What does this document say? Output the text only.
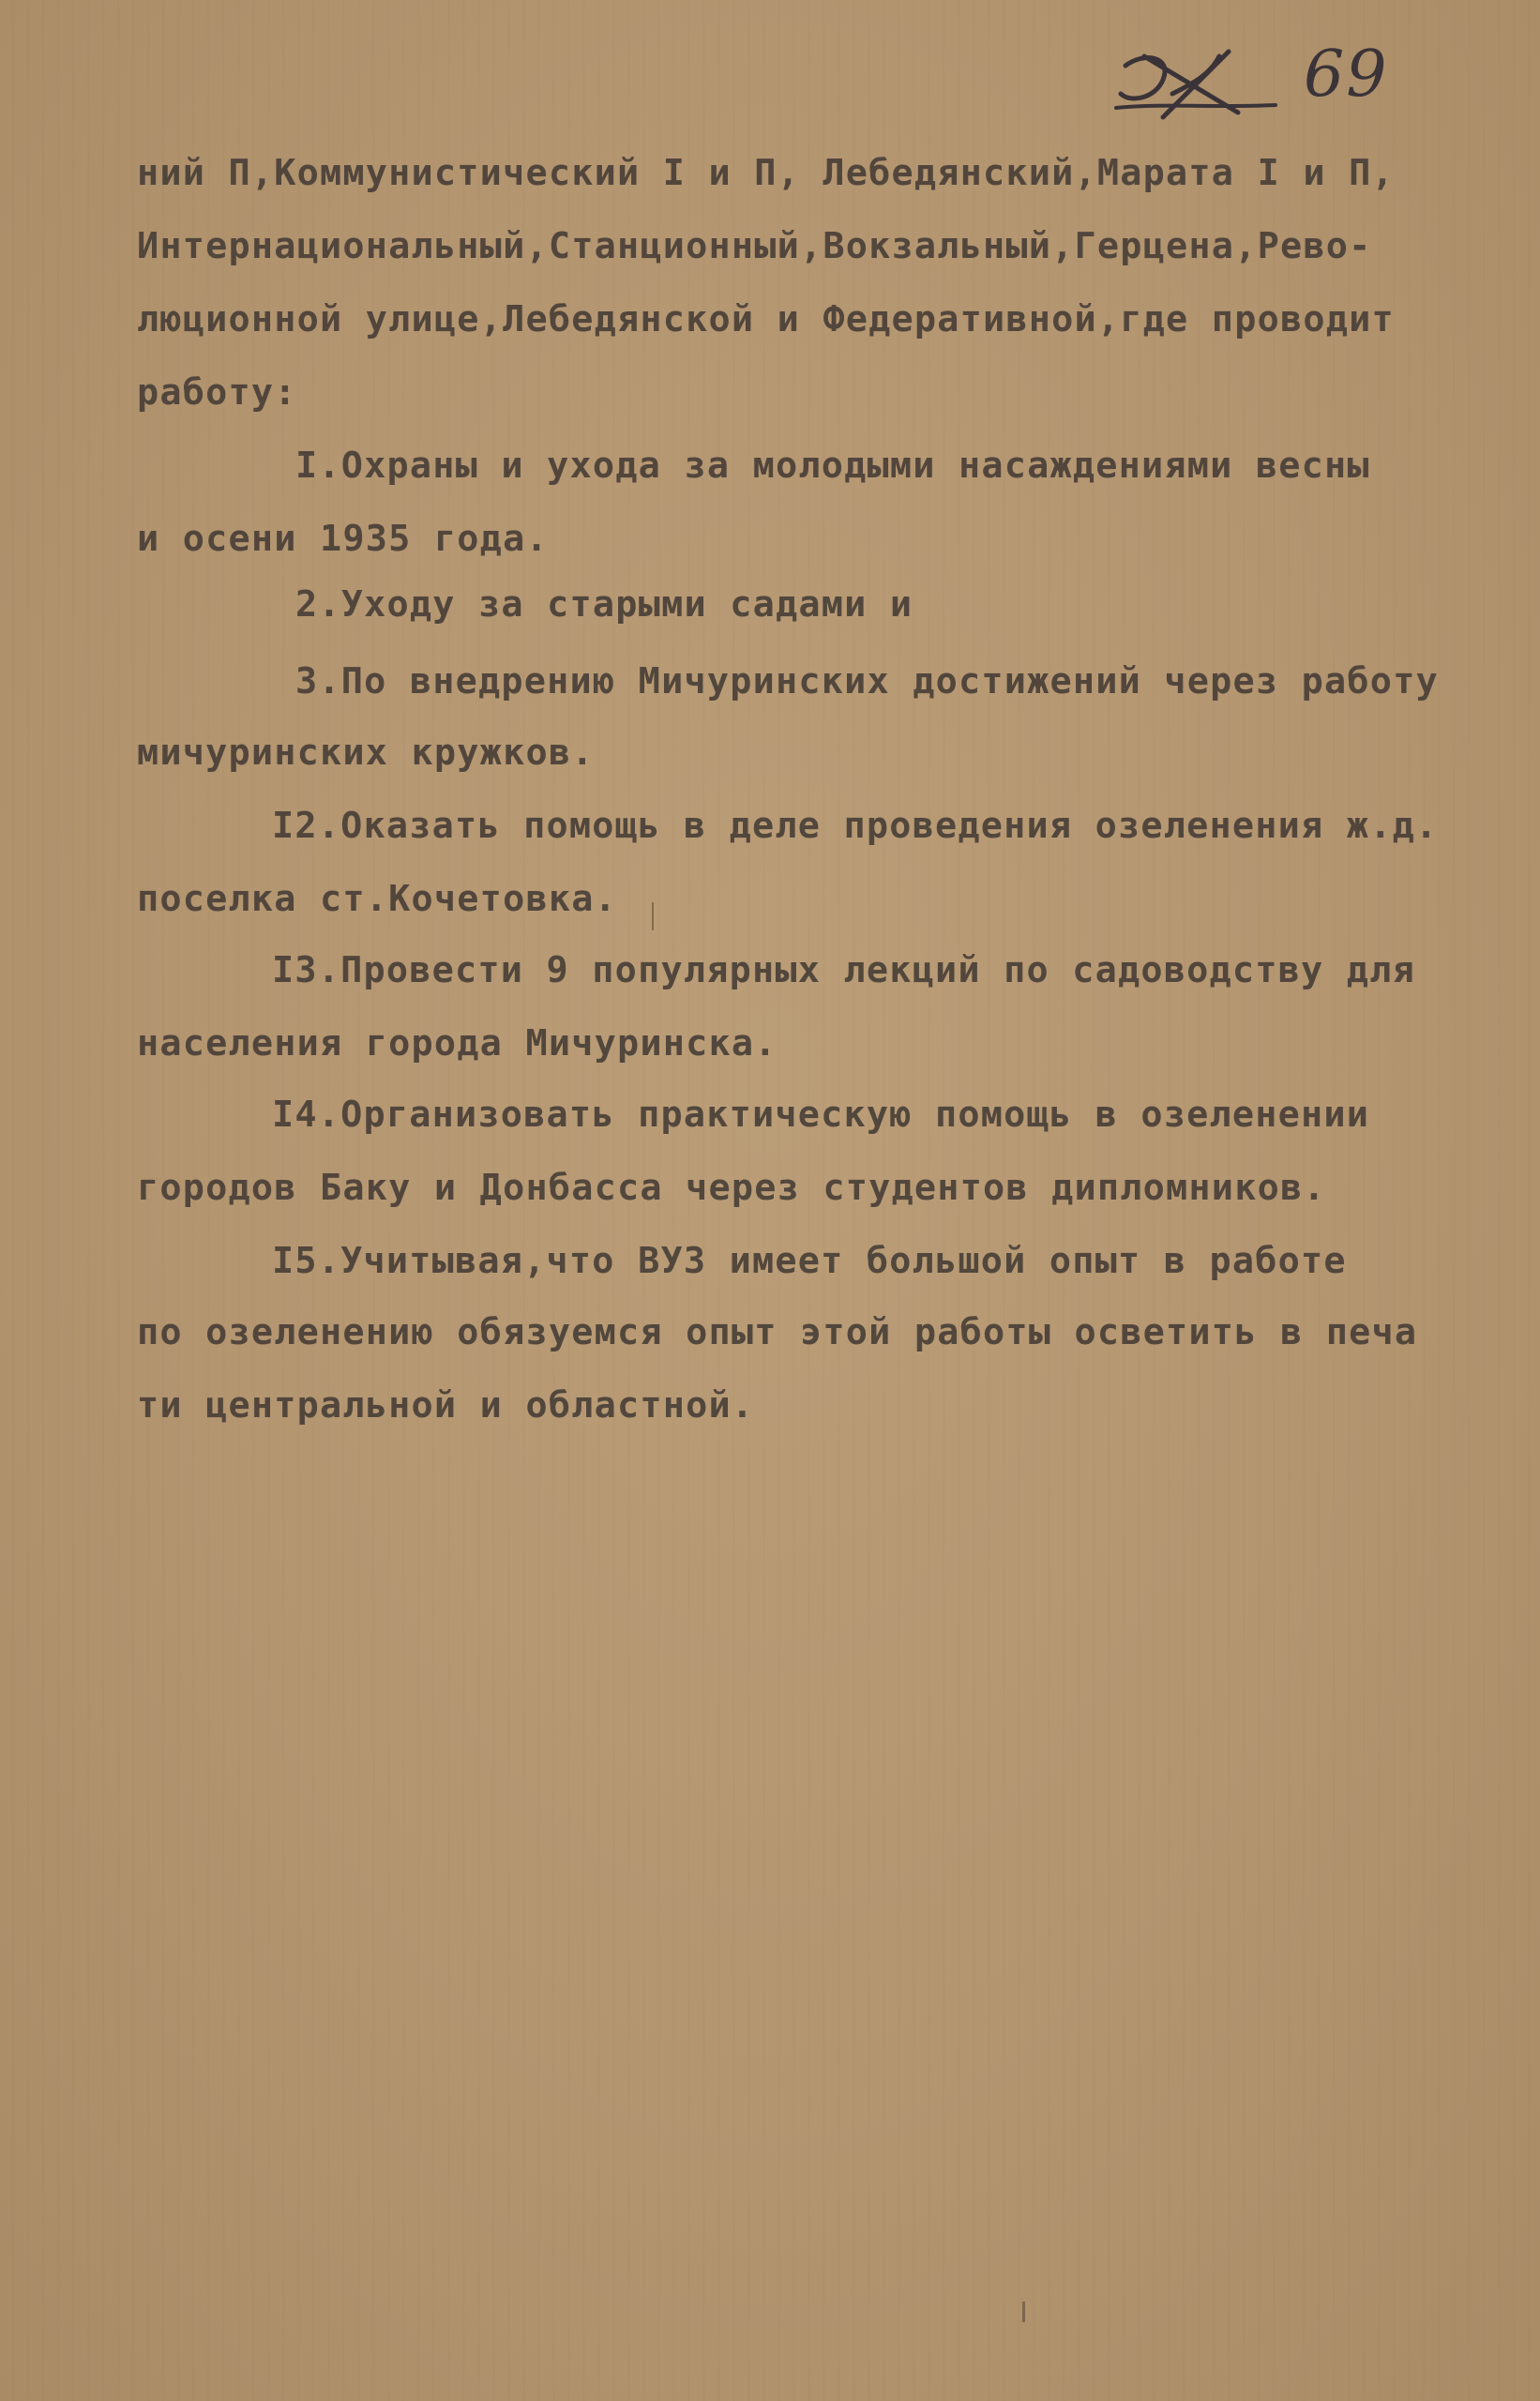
69
ний П,Коммунистический I и П, Лебедянский,Марата I и П,
Интернациональный,Станционный,Вокзальный,Герцена,Рево-
люционной улице,Лебедянской и Федеративной,где проводит
работу:
I.Охраны и ухода за молодыми насаждениями весны
и осени 1935 года.
2.Уходу за старыми садами и
3.По внедрению Мичуринских достижений через работу
мичуринских кружков.
I2.Оказать помощь в деле проведения озеленения ж.д.
поселка ст.Кочетовка.
I3.Провести 9 популярных лекций по садоводству для
населения города Мичуринска.
I4.Организовать практическую помощь в озеленении
городов Баку и Донбасса через студентов дипломников.
I5.Учитывая,что ВУЗ имеет большой опыт в работе
по озеленению обязуемся опыт этой работы осветить в печа
ти центральной и областной.
